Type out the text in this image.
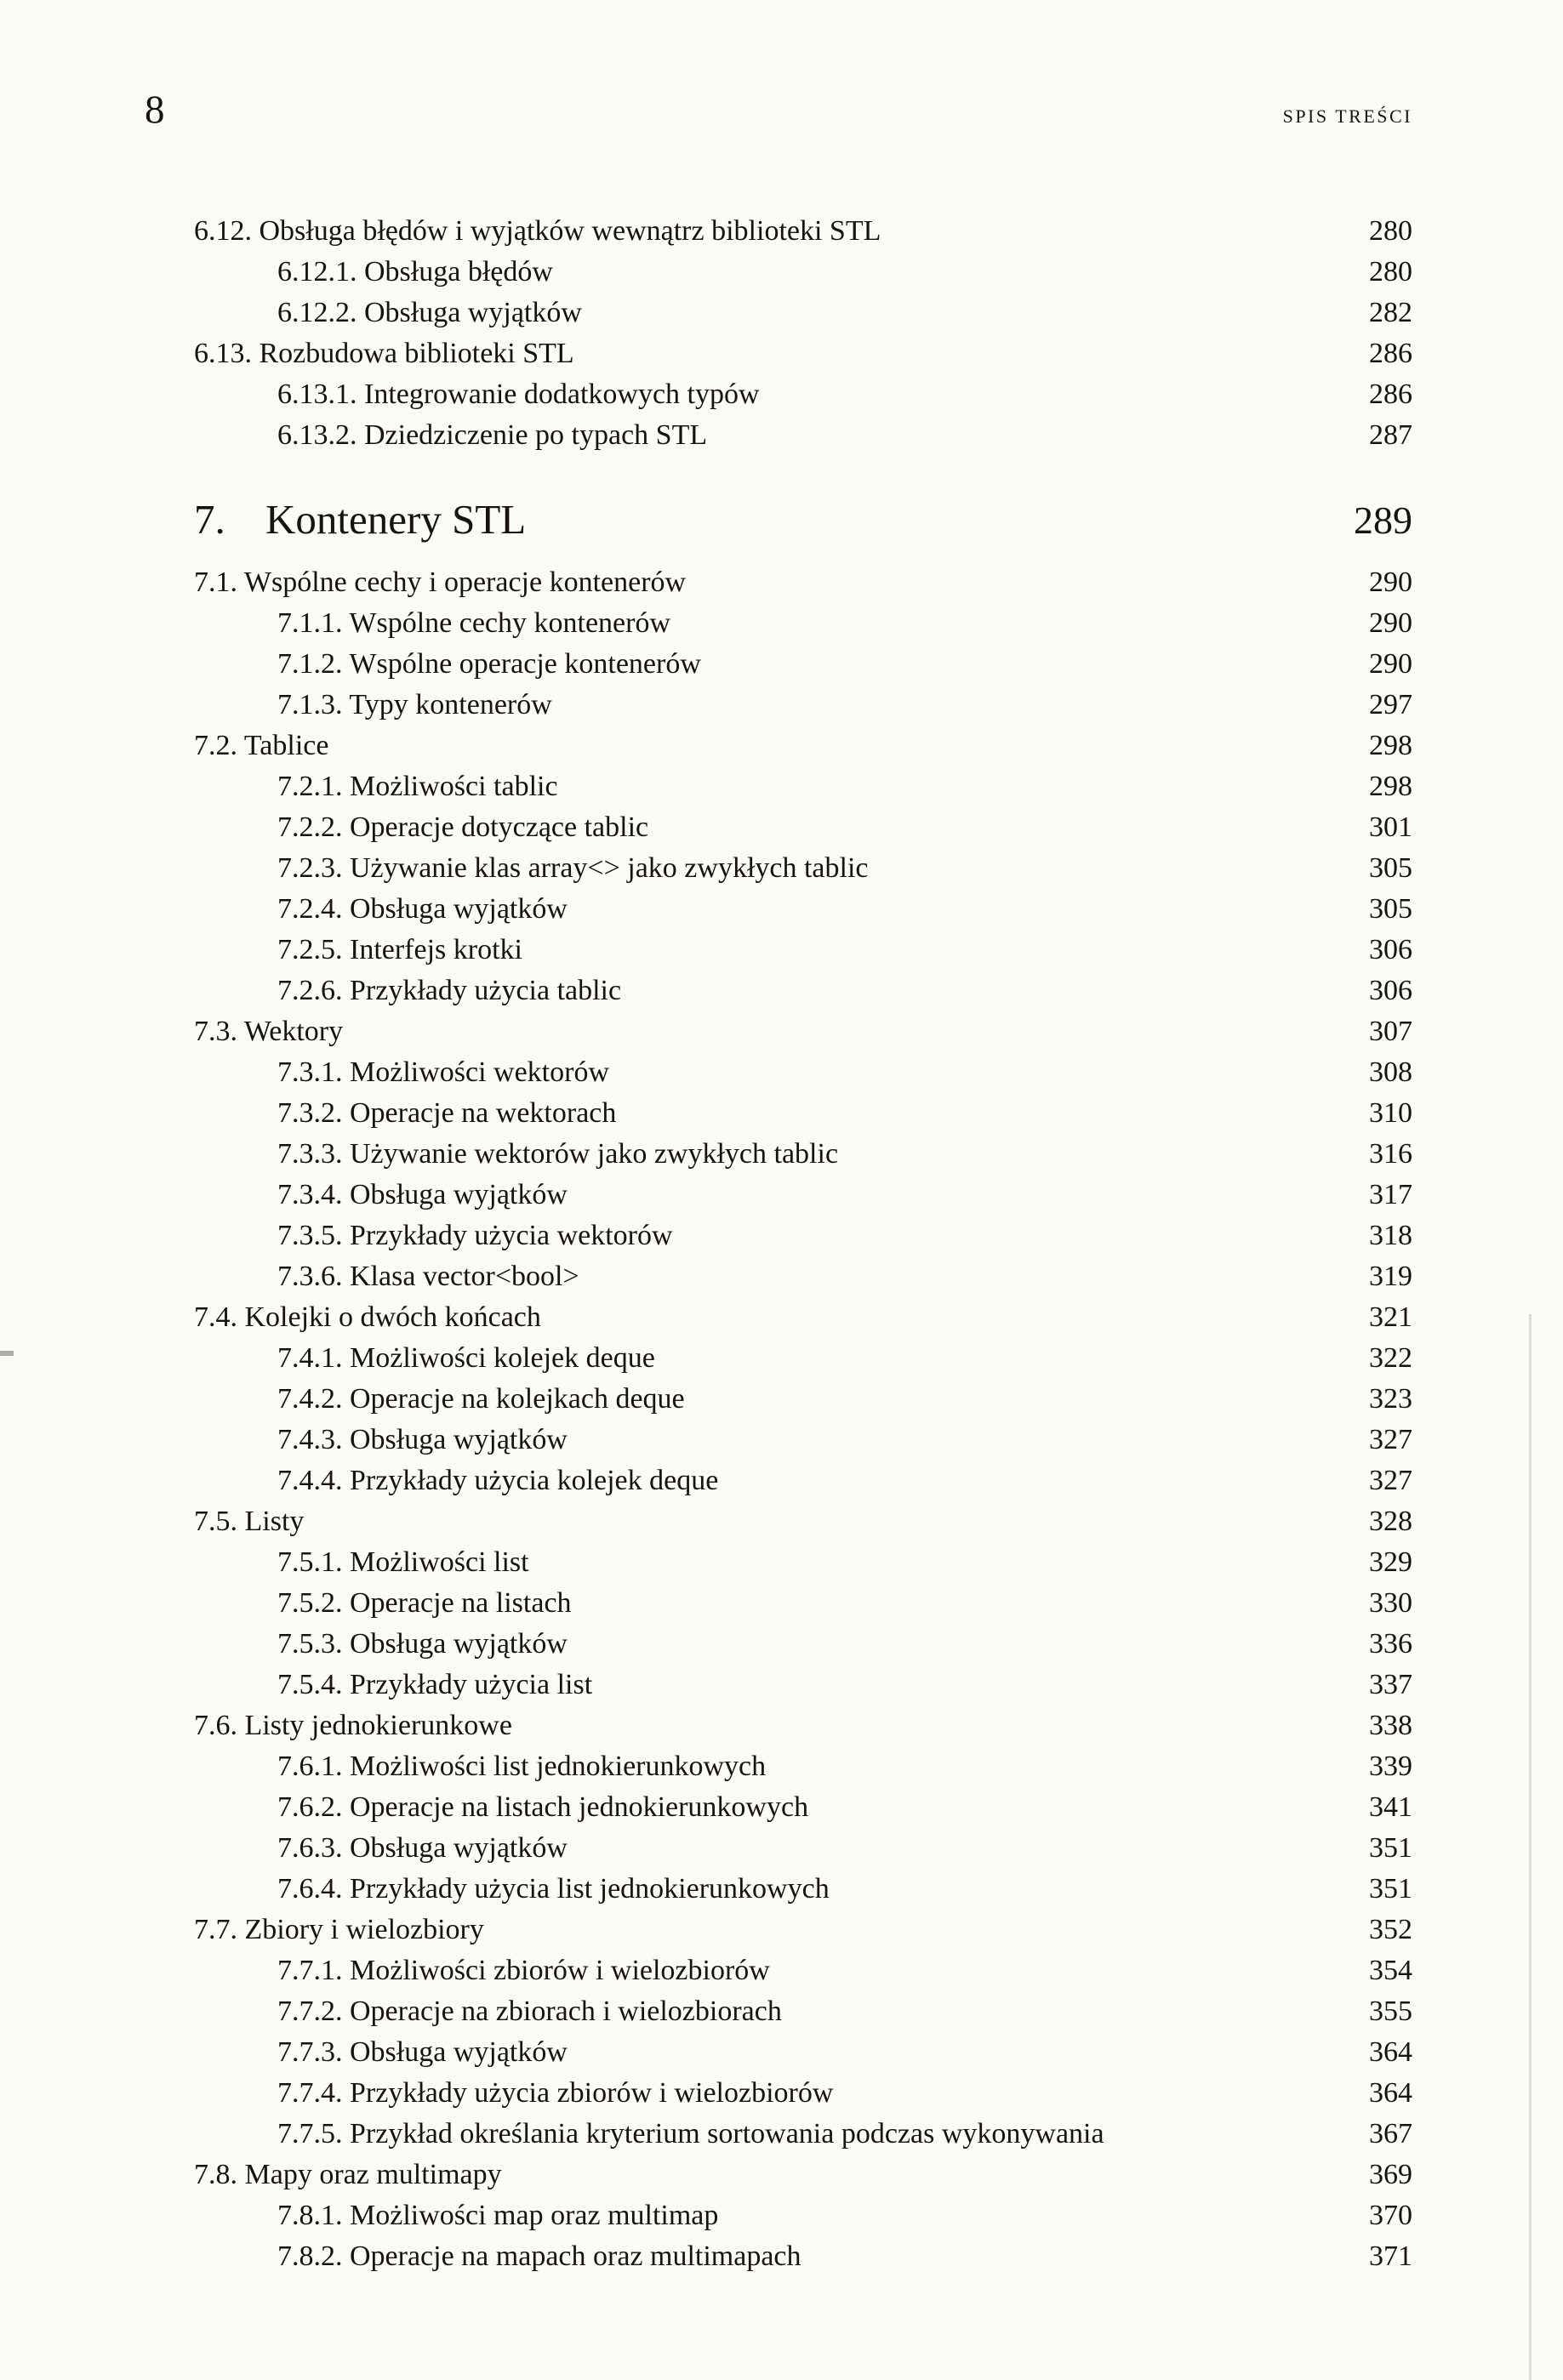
8	SPIS TREŚCI
6.12. Obsługa błędów i wyjątków wewnątrz biblioteki STL	280
6.12.1. Obsługa błędów	280
6.12.2. Obsługa wyjątków	282
6.13. Rozbudowa biblioteki STL	286
6.13.1. Integrowanie dodatkowych typów	286
6.13.2. Dziedziczenie po typach STL	287
7. Kontenery STL	289
7.1. Wspólne cechy i operacje kontenerów	290
7.1.1. Wspólne cechy kontenerów	290
7.1.2. Wspólne operacje kontenerów	290
7.1.3. Typy kontenerów	297
7.2. Tablice	298
7.2.1. Możliwości tablic	298
7.2.2. Operacje dotyczące tablic	301
7.2.3. Używanie klas array<> jako zwykłych tablic	305
7.2.4. Obsługa wyjątków	305
7.2.5. Interfejs krotki	306
7.2.6. Przykłady użycia tablic	306
7.3. Wektory	307
7.3.1. Możliwości wektorów	308
7.3.2. Operacje na wektorach	310
7.3.3. Używanie wektorów jako zwykłych tablic	316
7.3.4. Obsługa wyjątków	317
7.3.5. Przykłady użycia wektorów	318
7.3.6. Klasa vector<bool>	319
7.4. Kolejki o dwóch końcach	321
7.4.1. Możliwości kolejek deque	322
7.4.2. Operacje na kolejkach deque	323
7.4.3. Obsługa wyjątków	327
7.4.4. Przykłady użycia kolejek deque	327
7.5. Listy	328
7.5.1. Możliwości list	329
7.5.2. Operacje na listach	330
7.5.3. Obsługa wyjątków	336
7.5.4. Przykłady użycia list	337
7.6. Listy jednokierunkowe	338
7.6.1. Możliwości list jednokierunkowych	339
7.6.2. Operacje na listach jednokierunkowych	341
7.6.3. Obsługa wyjątków	351
7.6.4. Przykłady użycia list jednokierunkowych	351
7.7. Zbiory i wielozbiory	352
7.7.1. Możliwości zbiorów i wielozbiorów	354
7.7.2. Operacje na zbiorach i wielozbiorach	355
7.7.3. Obsługa wyjątków	364
7.7.4. Przykłady użycia zbiorów i wielozbiorów	364
7.7.5. Przykład określania kryterium sortowania podczas wykonywania	367
7.8. Mapy oraz multimapy	369
7.8.1. Możliwości map oraz multimap	370
7.8.2. Operacje na mapach oraz multimapach	371
